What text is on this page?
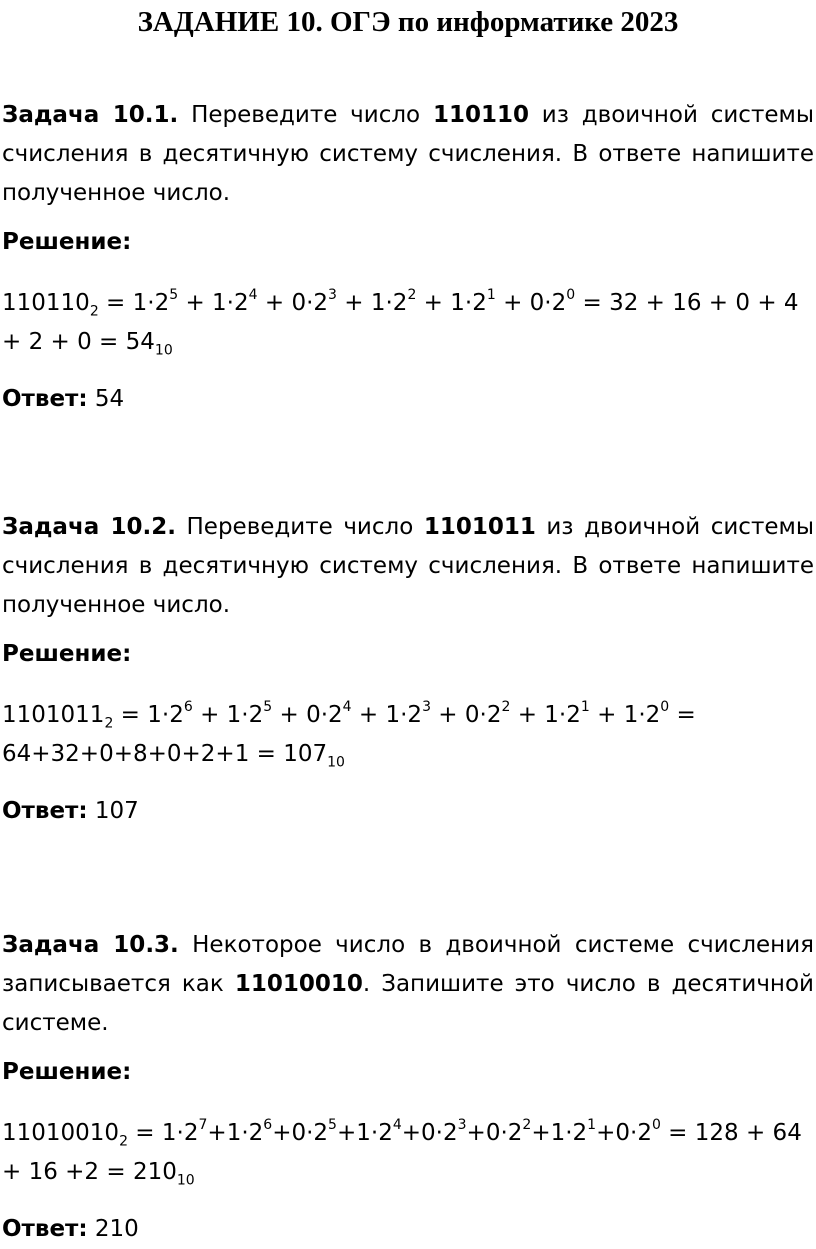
ЗАДАНИЕ 10. ОГЭ по информатике 2023

Задача 10.1. Переведите число 110110 из двоичной системы счисления в десятичную систему счисления. В ответе напишите полученное число.

Решение:

$110110_2 = 1\cdot 2^5 + 1\cdot 2^4 + 0\cdot 2^3 + 1\cdot 2^2 + 1\cdot 2^1 + 0\cdot 2^0 = 32 + 16 + 0 + 4 + 2 + 0 = 54_{10}$

Ответ: 54

Задача 10.2. Переведите число 1101011 из двоичной системы счисления в десятичную систему счисления. В ответе напишите полученное число.

Решение:

$1101011_2 = 1\cdot 2^6 + 1\cdot 2^5 + 0\cdot 2^4 + 1\cdot 2^3 + 0\cdot 2^2 + 1\cdot 2^1 + 1\cdot 2^0 = 64+32+0+8+0+2+1 = 107_{10}$

Ответ: 107

Задача 10.3. Некоторое число в двоичной системе счисления записывается как 11010010. Запишите это число в десятичной системе.

Решение:

$11010010_2 = 1\cdot 2^7+1\cdot 2^6+0\cdot 2^5+1\cdot 2^4+0\cdot 2^3+0\cdot 2^2+1\cdot 2^1+0\cdot 2^0 = 128 + 64 + 16 +2 = 210_{10}$

Ответ: 210
